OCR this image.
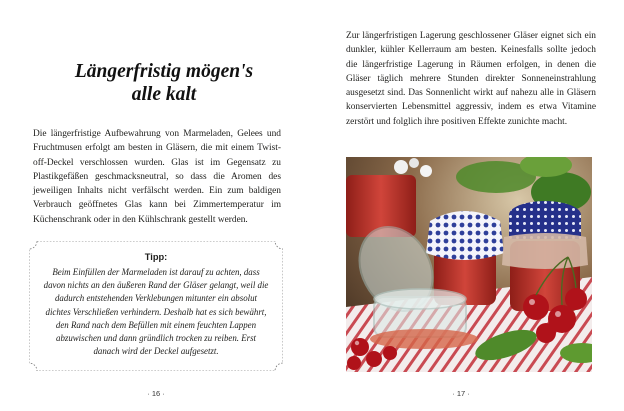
Längerfristig mögen's
alle kalt

Die längerfristige Aufbewahrung von Marmeladen, Gelees und Fruchtmusen erfolgt am besten in Gläsern, die mit einem Twist-off-Deckel verschlossen wurden. Glas ist im Gegensatz zu Plastikgefäßen geschmacksneutral, so dass die Aromen des jeweiligen Inhalts nicht verfälscht werden. Ein zum baldigen Verbrauch geöffnetes Glas kann bei Zimmertemperatur im Küchenschrank oder in den Kühlschrank gestellt werden.

Tipp:

Beim Einfüllen der Marmeladen ist darauf zu achten, dass davon nichts an den äußeren Rand der Gläser gelangt, weil die dadurch entstehenden Verklebungen mitunter ein absolut dichtes Verschließen verhindern. Deshalb hat es sich bewährt, den Rand nach dem Befüllen mit einem feuchten Lappen abzuwischen und dann gründlich trocken zu reiben. Erst danach wird der Deckel aufgesetzt.

· 16 ·

Zur längerfristigen Lagerung geschlossener Gläser eignet sich ein dunkler, kühler Kellerraum am besten. Keinesfalls sollte jedoch die längerfristige Lagerung in Räumen erfolgen, in denen die Gläser täglich mehrere Stunden direkter Sonneneinstrahlung ausgesetzt sind. Das Sonnenlicht wirkt auf nahezu alle in Gläsern konservierten Lebensmittel aggressiv, indem es etwa Vitamine zerstört und folglich ihre positiven Effekte zunichte macht.

· 17 ·
